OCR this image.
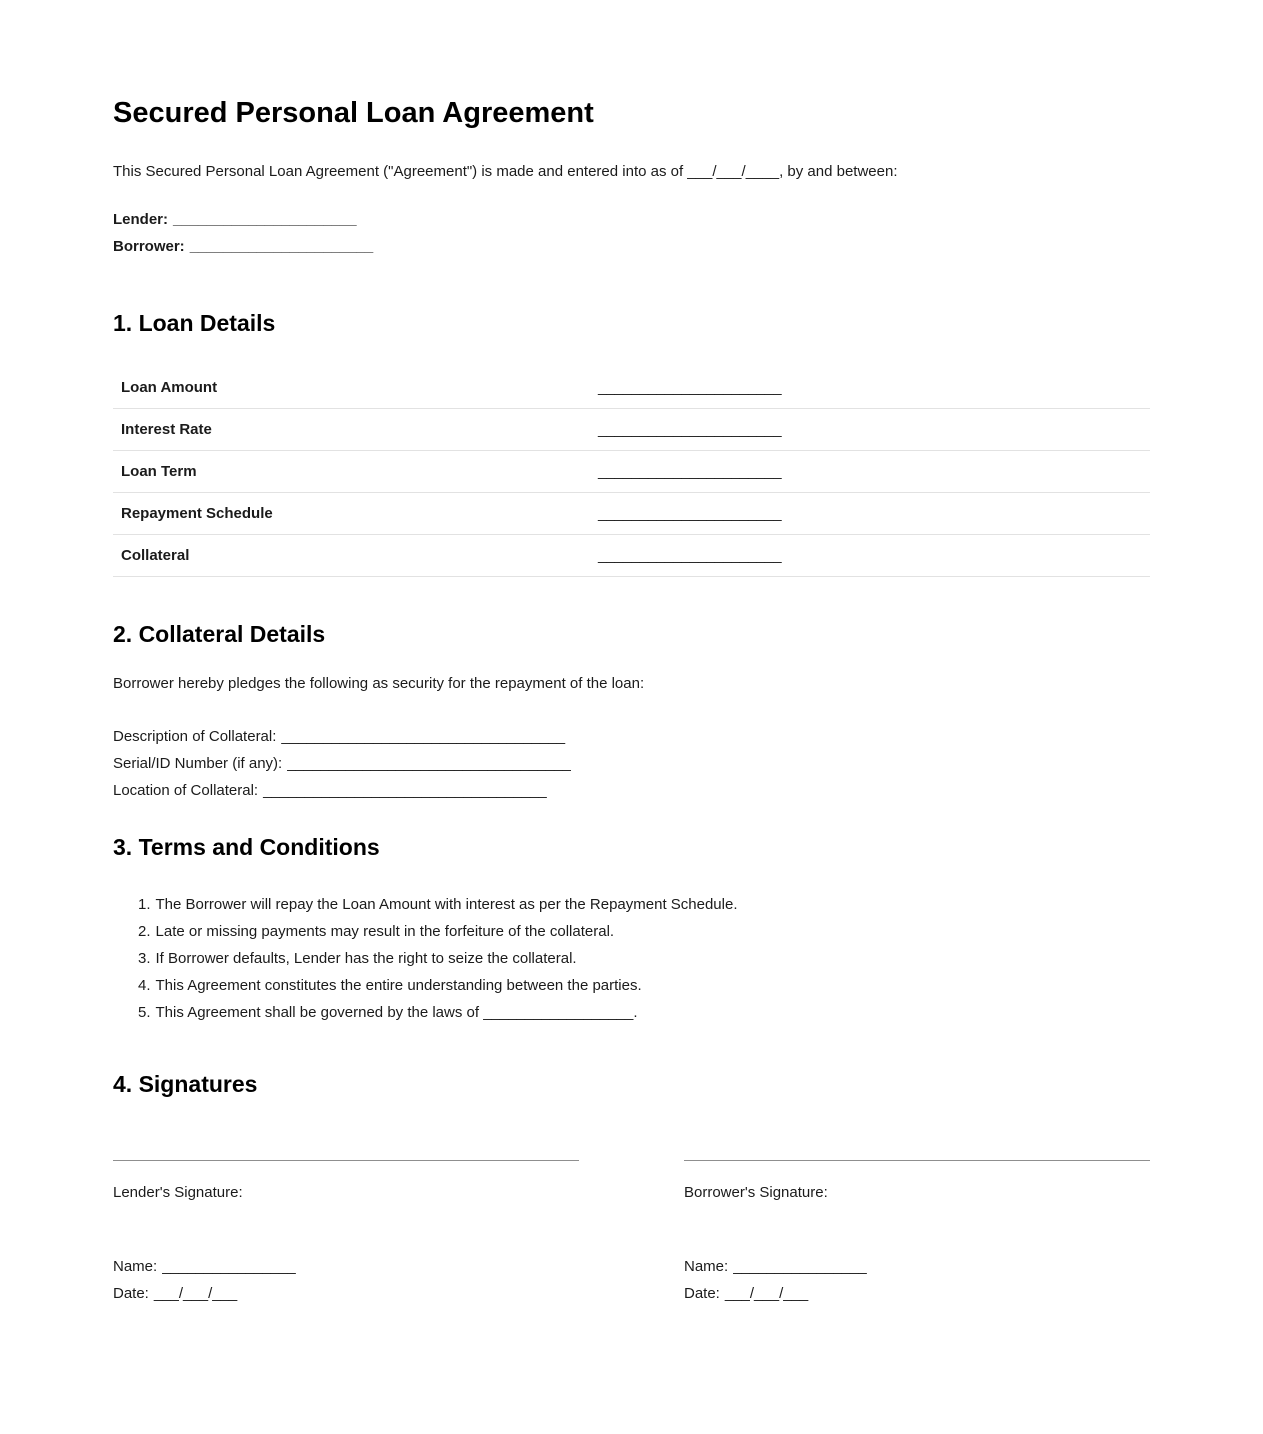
Secured Personal Loan Agreement

This Secured Personal Loan Agreement ("Agreement") is made and entered into as of ___/___/____, by and between:

Lender: ______________________

Borrower: ______________________

1. Loan Details
Loan Amount	______________________
Interest Rate	______________________
Loan Term	______________________
Repayment Schedule	______________________
Collateral	______________________
2. Collateral Details

Borrower hereby pledges the following as security for the repayment of the loan:

Description of Collateral: __________________________________

Serial/ID Number (if any): __________________________________

Location of Collateral: __________________________________

3. Terms and Conditions

1. The Borrower will repay the Loan Amount with interest as per the Repayment Schedule.

2. Late or missing payments may result in the forfeiture of the collateral.

3. If Borrower defaults, Lender has the right to seize the collateral.

4. This Agreement constitutes the entire understanding between the parties.

5. This Agreement shall be governed by the laws of __________________.

4. Signatures

Lender's Signature:

Name: ________________

Date: ___/___/___

Borrower's Signature:

Name: ________________

Date: ___/___/___
